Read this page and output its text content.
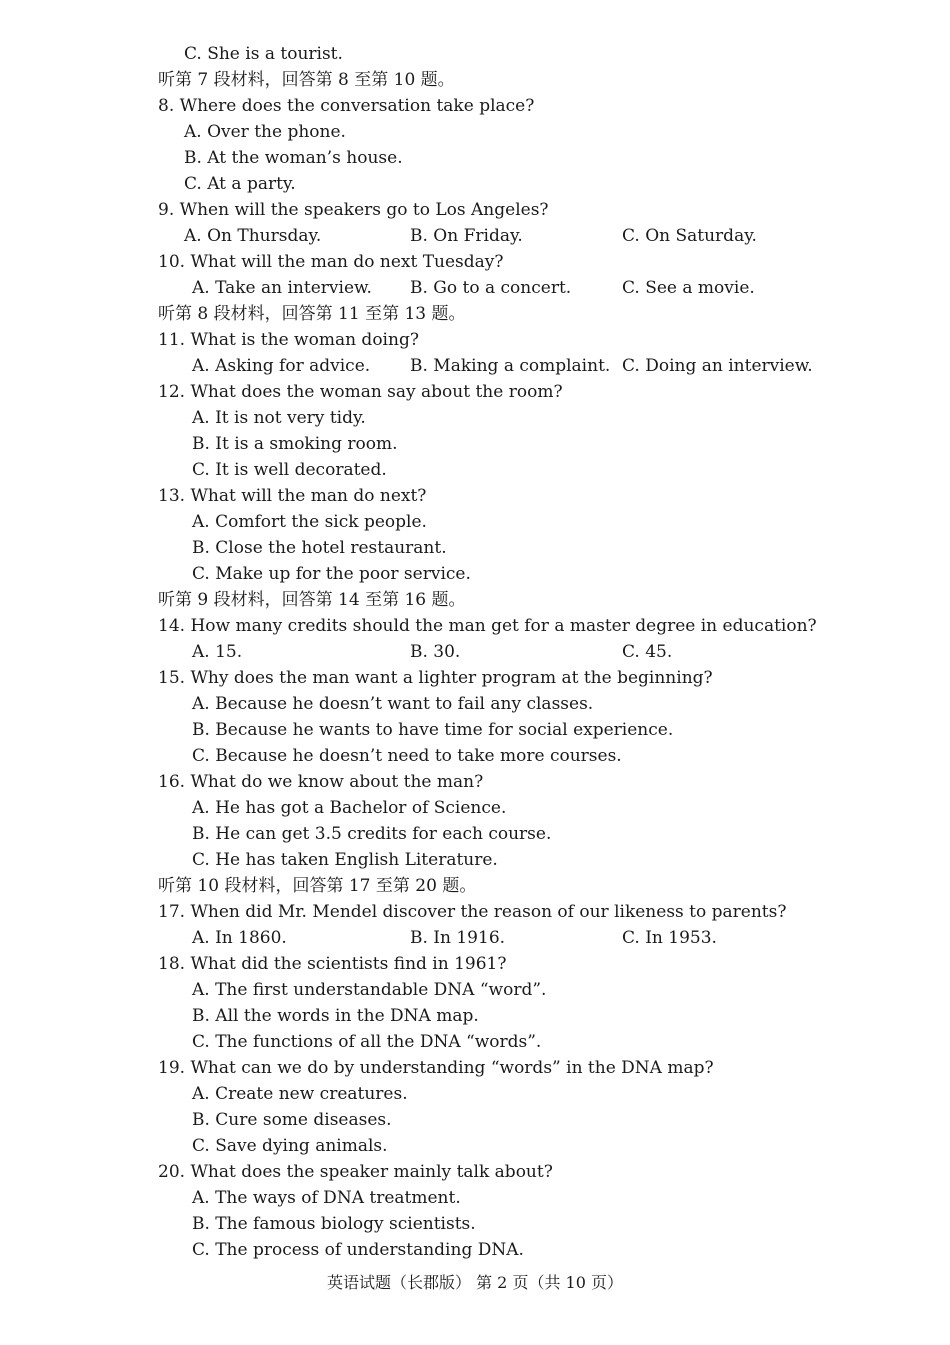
C. She is a tourist.
听第 7 段材料，回答第 8 至第 10 题。
8. Where does the conversation take place?
A. Over the phone.
B. At the woman’s house.
C. At a party.
9. When will the speakers go to Los Angeles?
A. On Thursday.	B. On Friday.	C. On Saturday.
10. What will the man do next Tuesday?
A. Take an interview. B. Go to a concert.	C. See a movie.
听第 8 段材料，回答第 11 至第 13 题。
11. What is the woman doing?
A. Asking for advice. B. Making a complaint. C. Doing an interview.
12. What does the woman say about the room?
A. It is not very tidy.
B. It is a smoking room.
C. It is well decorated.
13. What will the man do next?
A. Comfort the sick people.
B. Close the hotel restaurant.
C. Make up for the poor service.
听第 9 段材料，回答第 14 至第 16 题。
14. How many credits should the man get for a master degree in education?
A. 15.	B. 30.	C. 45.
15. Why does the man want a lighter program at the beginning?
A. Because he doesn’t want to fail any classes.
B. Because he wants to have time for social experience.
C. Because he doesn’t need to take more courses.
16. What do we know about the man?
A. He has got a Bachelor of Science.
B. He can get 3.5 credits for each course.
C. He has taken English Literature.
听第 10 段材料，回答第 17 至第 20 题。
17. When did Mr. Mendel discover the reason of our likeness to parents?
A. In 1860.	B. In 1916.	C. In 1953.
18. What did the scientists find in 1961?
A. The first understandable DNA “word”.
B. All the words in the DNA map.
C. The functions of all the DNA “words”.
19. What can we do by understanding “words” in the DNA map?
A. Create new creatures.
B. Cure some diseases.
C. Save dying animals.
20. What does the speaker mainly talk about?
A. The ways of DNA treatment.
B. The famous biology scientists.
C. The process of understanding DNA.
英语试题（长郡版） 第 2 页（共 10 页）
